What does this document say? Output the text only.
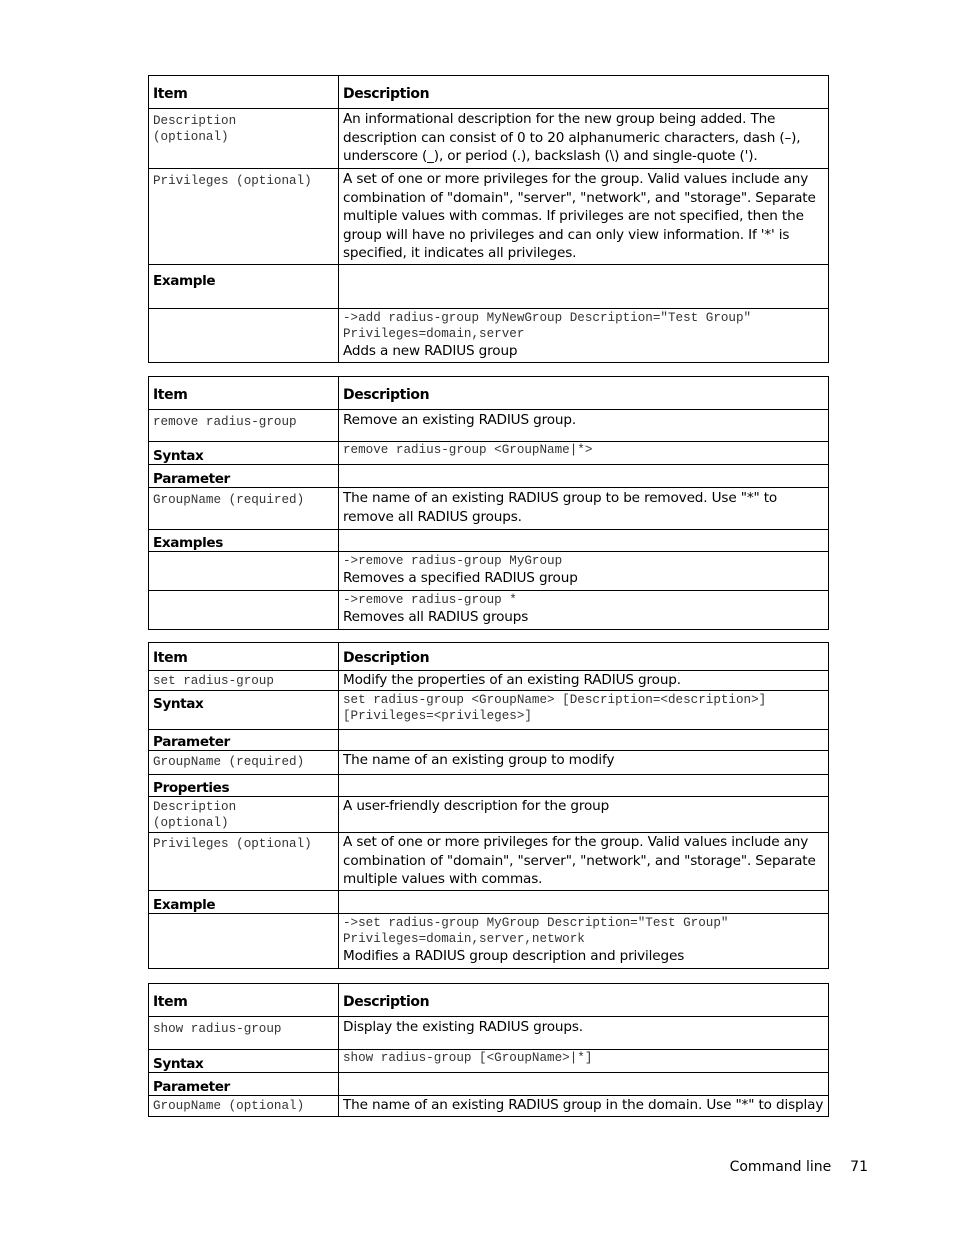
Item	Description

Description (optional)	An informational description for the new group being added. The description can consist of 0 to 20 alphanumeric characters, dash (–), underscore (_), or period (.), backslash (\) and single-quote (').

Privileges (optional)	A set of one or more privileges for the group. Valid values include any combination of "domain", "server", "network", and "storage". Separate multiple values with commas. If privileges are not specified, then the group will have no privileges and can only view information. If '*' is specified, it indicates all privileges.

Example	

	->add radius-group MyNewGroup Description="Test Group"
Privileges=domain,server
Adds a new RADIUS group
Item	Description

remove radius-group	Remove an existing RADIUS group.

Syntax	remove radius-group <GroupName|*>

Parameter	

GroupName (required)	The name of an existing RADIUS group to be removed. Use "*" to remove all RADIUS groups.

Examples	

	->remove radius-group MyGroup
Removes a specified RADIUS group

	->remove radius-group *
Removes all RADIUS groups
Item	Description

set radius-group	Modify the properties of an existing RADIUS group.

Syntax	set radius-group <GroupName> [Description=<description>]
[Privileges=<privileges>]

Parameter	

GroupName (required)	The name of an existing group to modify

Properties	

Description (optional)	A user-friendly description for the group

Privileges (optional)	A set of one or more privileges for the group. Valid values include any combination of "domain", "server", "network", and "storage". Separate multiple values with commas.

Example	

	->set radius-group MyGroup Description="Test Group"
Privileges=domain,server,network
Modifies a RADIUS group description and privileges
Item	Description

show radius-group	Display the existing RADIUS groups.

Syntax	show radius-group [<GroupName>|*]

Parameter	

GroupName (optional)	The name of an existing RADIUS group in the domain. Use "*" to display
Command line 71
